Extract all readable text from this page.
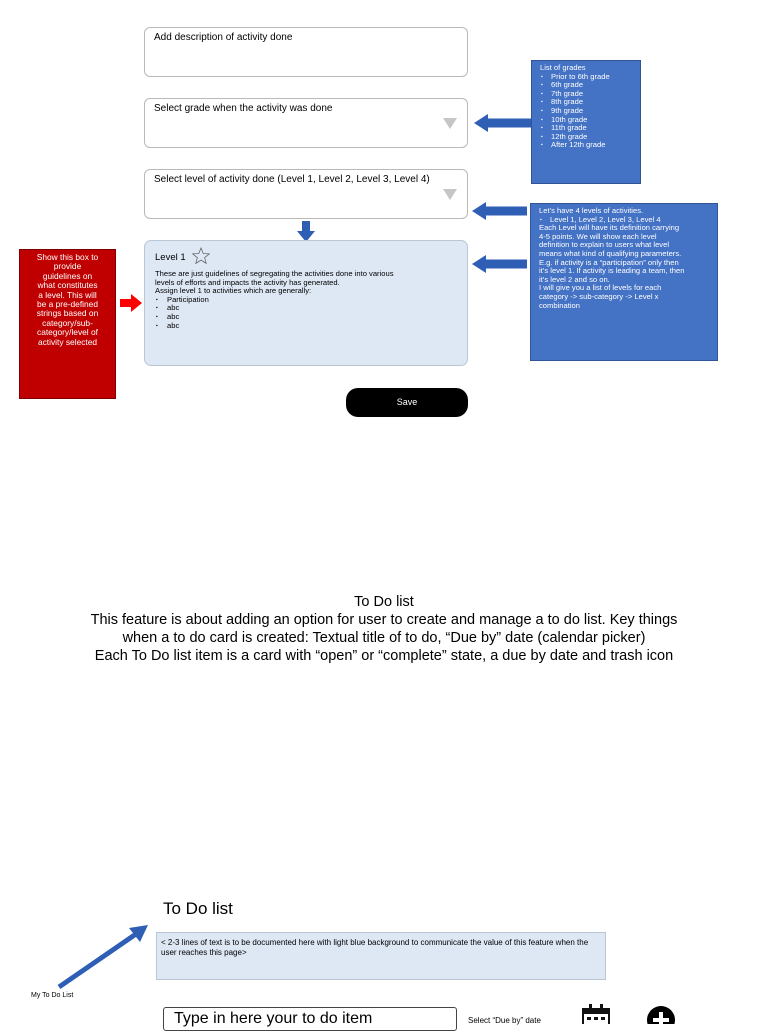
Add description of activity done
Select grade when the activity was done
Select level of activity done (Level 1, Level 2, Level 3, Level 4)
Level 1
These are just guidelines of segregating the activities done into various
levels of efforts and impacts the activity has generated.
Assign level 1 to activities which are generally:
▪ Participation
▪ abc
▪ abc
▪ abc
Save
List of grades
▪ Prior to 6th grade
▪ 6th grade
▪ 7th grade
▪ 8th grade
▪ 9th grade
▪ 10th grade
▪ 11th grade
▪ 12th grade
▪ After 12th grade
Let’s have 4 levels of activities.
▪ Level 1, Level 2, Level 3, Level 4
Each Level will have its definition carrying
4-5 points. We will show each level
definition to explain to users what level
means what kind of qualifying parameters.
E.g. if activity is a “participation” only then
it’s level 1. If activity is leading a team, then
it’s level 2 and so on.
I will give you a list of levels for each
category -> sub-category -> Level x
combination
Show this box to
provide
guidelines on
what constitutes
a level. This will
be a pre-defined
strings based on
category/sub-
category/level of
activity selected
To Do list
This feature is about adding an option for user to create and manage a to do list. Key things
when a to do card is created: Textual title of to do, “Due by” date (calendar picker)
Each To Do list item is a card with “open” or “complete” state, a due by date and trash icon
To Do list
< 2-3 lines of text is to be documented here with light blue background to communicate the value of this feature when the user reaches this page>
My To Do List
Type in here your to do item	Select “Due by” date
